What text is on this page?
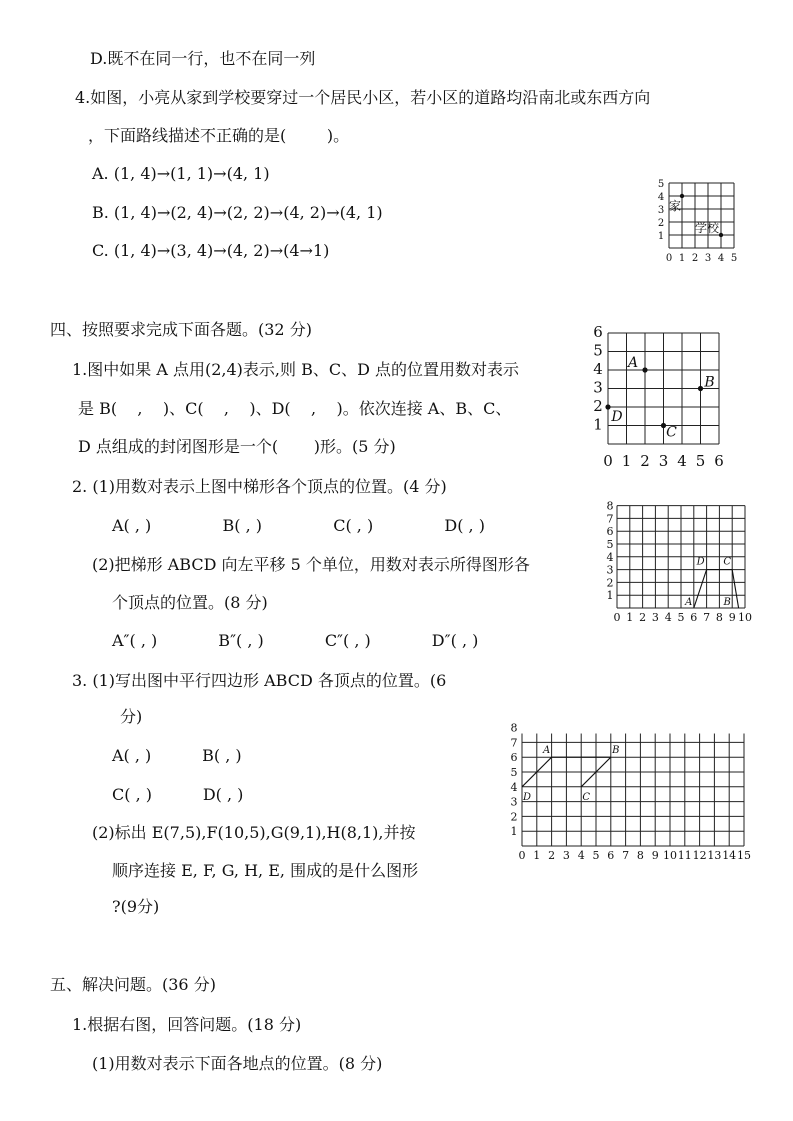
D.既不在同一行，也不在同一列
4.如图，小亮从家到学校要穿过一个居民小区，若小区的道路均沿南北或东西方向
，下面路线描述不正确的是(        )。
A. (1, 4)→(1, 1)→(4, 1)
B. (1, 4)→(2, 4)→(2, 2)→(4, 2)→(4, 1)
C. (1, 4)→(3, 4)→(4, 2)→(4→1)
四、按照要求完成下面各题。(32 分)
1.图中如果 A 点用(2,4)表示,则 B、C、D 点的位置用数对表示
是 B(    ,    )、C(    ,    )、D(    ,    )。依次连接 A、B、C、
D 点组成的封闭图形是一个(       )形。(5 分)
2. (1)用数对表示上图中梯形各个顶点的位置。(4 分)
A( , )              B( , )              C( , )              D( , )
(2)把梯形 ABCD 向左平移 5 个单位，用数对表示所得图形各
个顶点的位置。(8 分)
A″( , )            B″( , )            C″( , )            D″( , )
3. (1)写出图中平行四边形 ABCD 各顶点的位置。(6
分)
A( , )          B( , )
C( , )          D( , )
(2)标出 E(7,5),F(10,5),G(9,1),H(8,1),并按
顺序连接 E, F, G, H, E, 围成的是什么图形
?(9分)
五、解决问题。(36 分)
1.根据右图，回答问题。(18 分)
(1)用数对表示下面各地点的位置。(8 分)
0 1 2 3 4 5
1
2
3
4
5
家
学校
0 1 2 3 4 5 6
1
2
3
4
5
6
A
B
C
D
0 1 2 3 4 5 6 7 8 9 10
1
2
3
4
5
6
7
8
A	B
C
D
0 1 2 3 4 5 6 7 8 9 10 11 12 13 14 15
1
2
3
4
5
6
7
8
A	B
C
D
